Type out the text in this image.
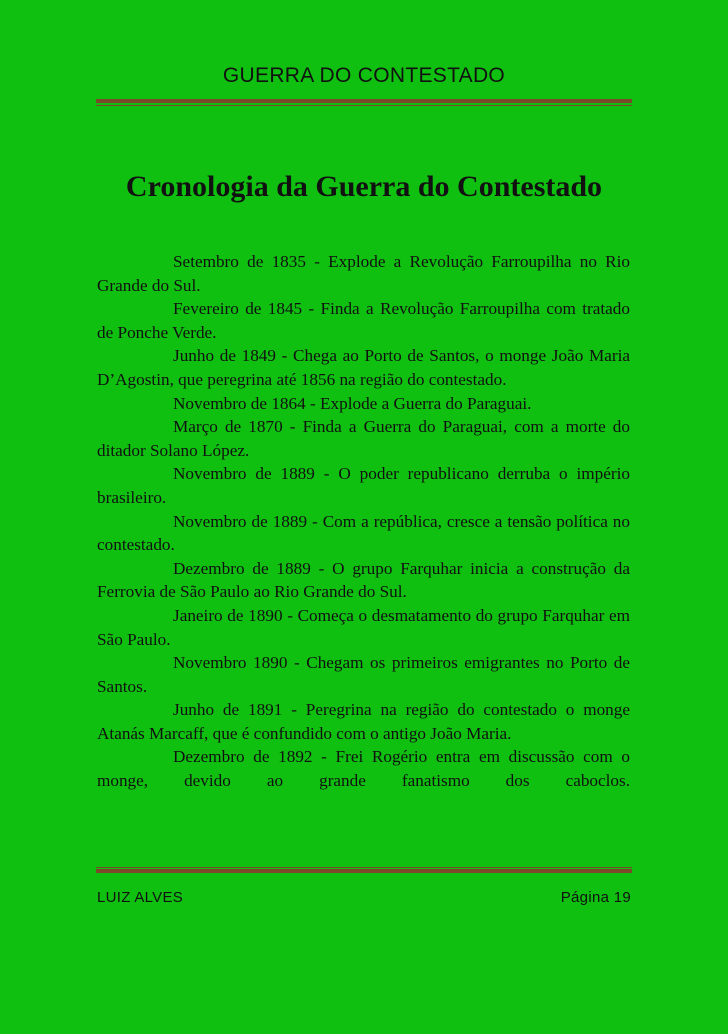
GUERRA DO CONTESTADO
Cronologia da Guerra do Contestado

Setembro de 1835 - Explode a Revolução Farroupilha no Rio Grande do Sul.

Fevereiro de 1845 - Finda a Revolução Farroupilha com tratado de Ponche Verde.

Junho de 1849 - Chega ao Porto de Santos, o monge João Maria D’Agostin, que peregrina até 1856 na região do contestado.

Novembro de 1864 - Explode a Guerra do Paraguai.

Março de 1870 - Finda a Guerra do Paraguai, com a morte do ditador Solano López.

Novembro de 1889 - O poder republicano derruba o império brasileiro.

Novembro de 1889 - Com a república, cresce a tensão política no contestado.

Dezembro de 1889 - O grupo Farquhar inicia a construção da Ferrovia de São Paulo ao Rio Grande do Sul.

Janeiro de 1890 - Começa o desmatamento do grupo Farquhar em São Paulo.

Novembro 1890 - Chegam os primeiros emigrantes no Porto de Santos.

Junho de 1891 - Peregrina na região do contestado o monge Atanás Marcaff, que é confundido com o antigo João Maria.

Dezembro de 1892 - Frei Rogério entra em discussão com o monge, devido ao grande fanatismo dos caboclos.

LUIZ ALVES	Página 19
